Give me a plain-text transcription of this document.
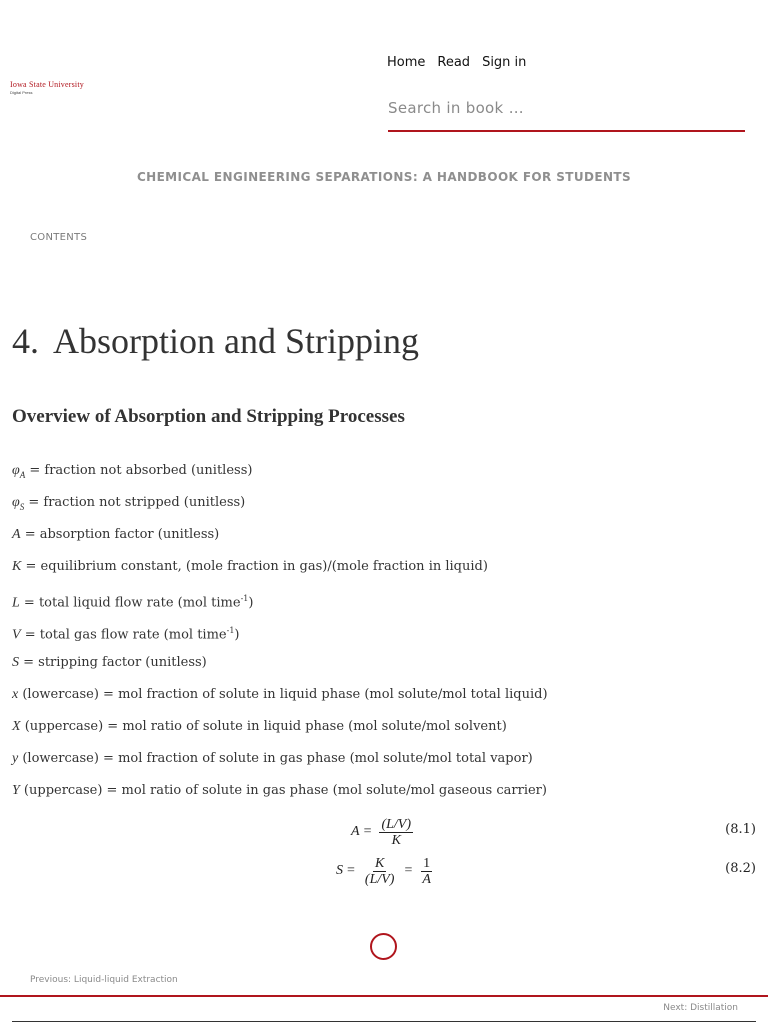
Iowa State University
Digital Press
Home Read Sign in
Search in book …
CHEMICAL ENGINEERING SEPARATIONS: A HANDBOOK FOR STUDENTS
CONTENTS
4. Absorption and Stripping
Overview of Absorption and Stripping Processes
$\varphi_A$ = fraction not absorbed (unitless)
$\varphi_S$ = fraction not stripped (unitless)
A = absorption factor (unitless)
K = equilibrium constant, (mole fraction in gas)/(mole fraction in liquid)
L = total liquid flow rate (mol time$^{-1}$)
V = total gas flow rate (mol time$^{-1}$)
S = stripping factor (unitless)
x (lowercase) = mol fraction of solute in liquid phase (mol solute/mol total liquid)
X (uppercase) = mol ratio of solute in liquid phase (mol solute/mol solvent)
y (lowercase) = mol fraction of solute in gas phase (mol solute/mol total vapor)
Y (uppercase) = mol ratio of solute in gas phase (mol solute/mol gaseous carrier)
$A = \frac{(L/V)}{K}$	(8.1)
$S = \frac{K}{(L/V)} = \frac{1}{A}$	(8.2)
Previous: Liquid-liquid Extraction
Next: Distillation
